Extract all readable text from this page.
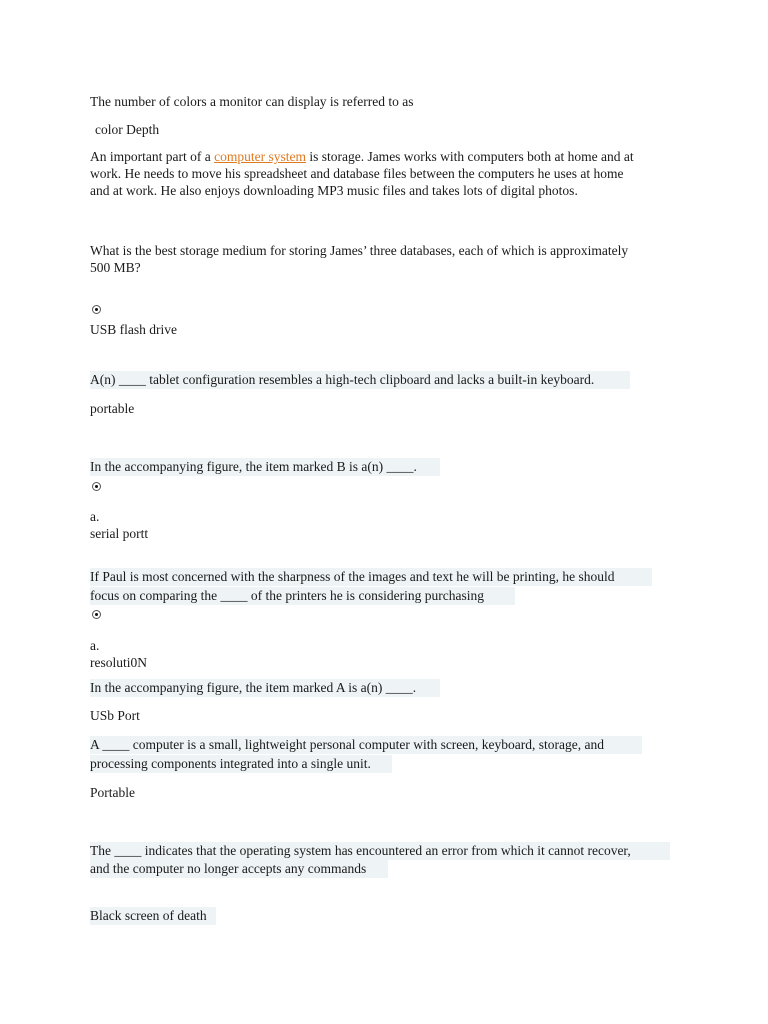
The number of colors a monitor can display is referred to as
color Depth
An important part of a computer system is storage. James works with computers both at home and at
work. He needs to move his spreadsheet and database files between the computers he uses at home
and at work. He also enjoys downloading MP3 music files and takes lots of digital photos.
What is the best storage medium for storing James’ three databases, each of which is approximately
500 MB?
USB flash drive
A(n) ____ tablet configuration resembles a high-tech clipboard and lacks a built-in keyboard.
portable
In the accompanying figure, the item marked B is a(n) ____.
a.
serial portt
If Paul is most concerned with the sharpness of the images and text he will be printing, he should
focus on comparing the ____ of the printers he is considering purchasing
a.
resoluti0N
In the accompanying figure, the item marked A is a(n) ____.
USb Port
A ____ computer is a small, lightweight personal computer with screen, keyboard, storage, and
processing components integrated into a single unit.
Portable
The ____ indicates that the operating system has encountered an error from which it cannot recover,
and the computer no longer accepts any commands
Black screen of death
